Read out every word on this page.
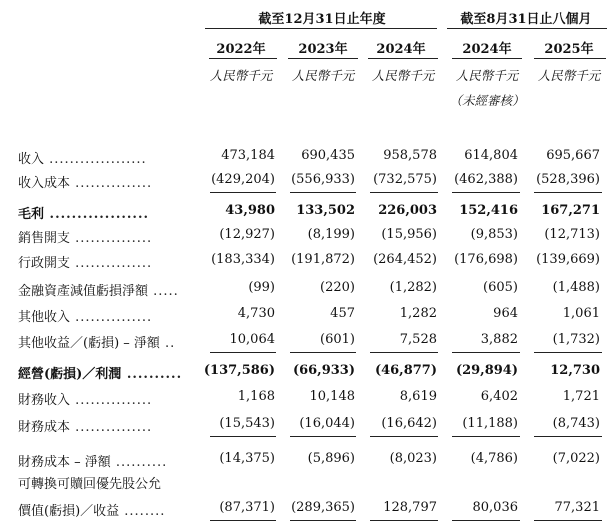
截至12月31日止年度	截至8月31日止八個月
2022年	2023年	2024年	2024年	2025年
人民幣千元	人民幣千元	人民幣千元	人民幣千元	人民幣千元
（未經審核）
收入 ...................	473,184 690,435 958,578 614,804 695,667
收入成本 ...............	(429,204) (556,933) (732,575) (462,388) (528,396)
毛利 ..................	43,980 133,502 226,003 152,416 167,271
銷售開支 ...............	(12,927)	(8,199) (15,956)	(9,853) (12,713)
行政開支 ...............	(183,334) (191,872) (264,452) (176,698) (139,669)
金融資產減值虧損淨額 .....	(99)	(220)	(1,282)	(605)	(1,488)
其他收入 ...............	4,730	457	1,282	964	1,061
其他收益／(虧損) – 淨額 ..	10,064	(601)	7,528	3,882	(1,732)
經營(虧損)／利潤 .......... (137,586) (66,933) (46,877) (29,894) 12,730
財務收入 ...............	1,168	10,148	8,619	6,402	1,721
財務成本 ...............	(15,543) (16,044) (16,642) (11,188)	(8,743)
財務成本 – 淨額 ..........	(14,375)	(5,896)	(8,023)	(4,786)	(7,022)
可轉換可贖回優先股公允
價值(虧損)／收益 ........	(87,371) (289,365) 128,797	80,036	77,321
